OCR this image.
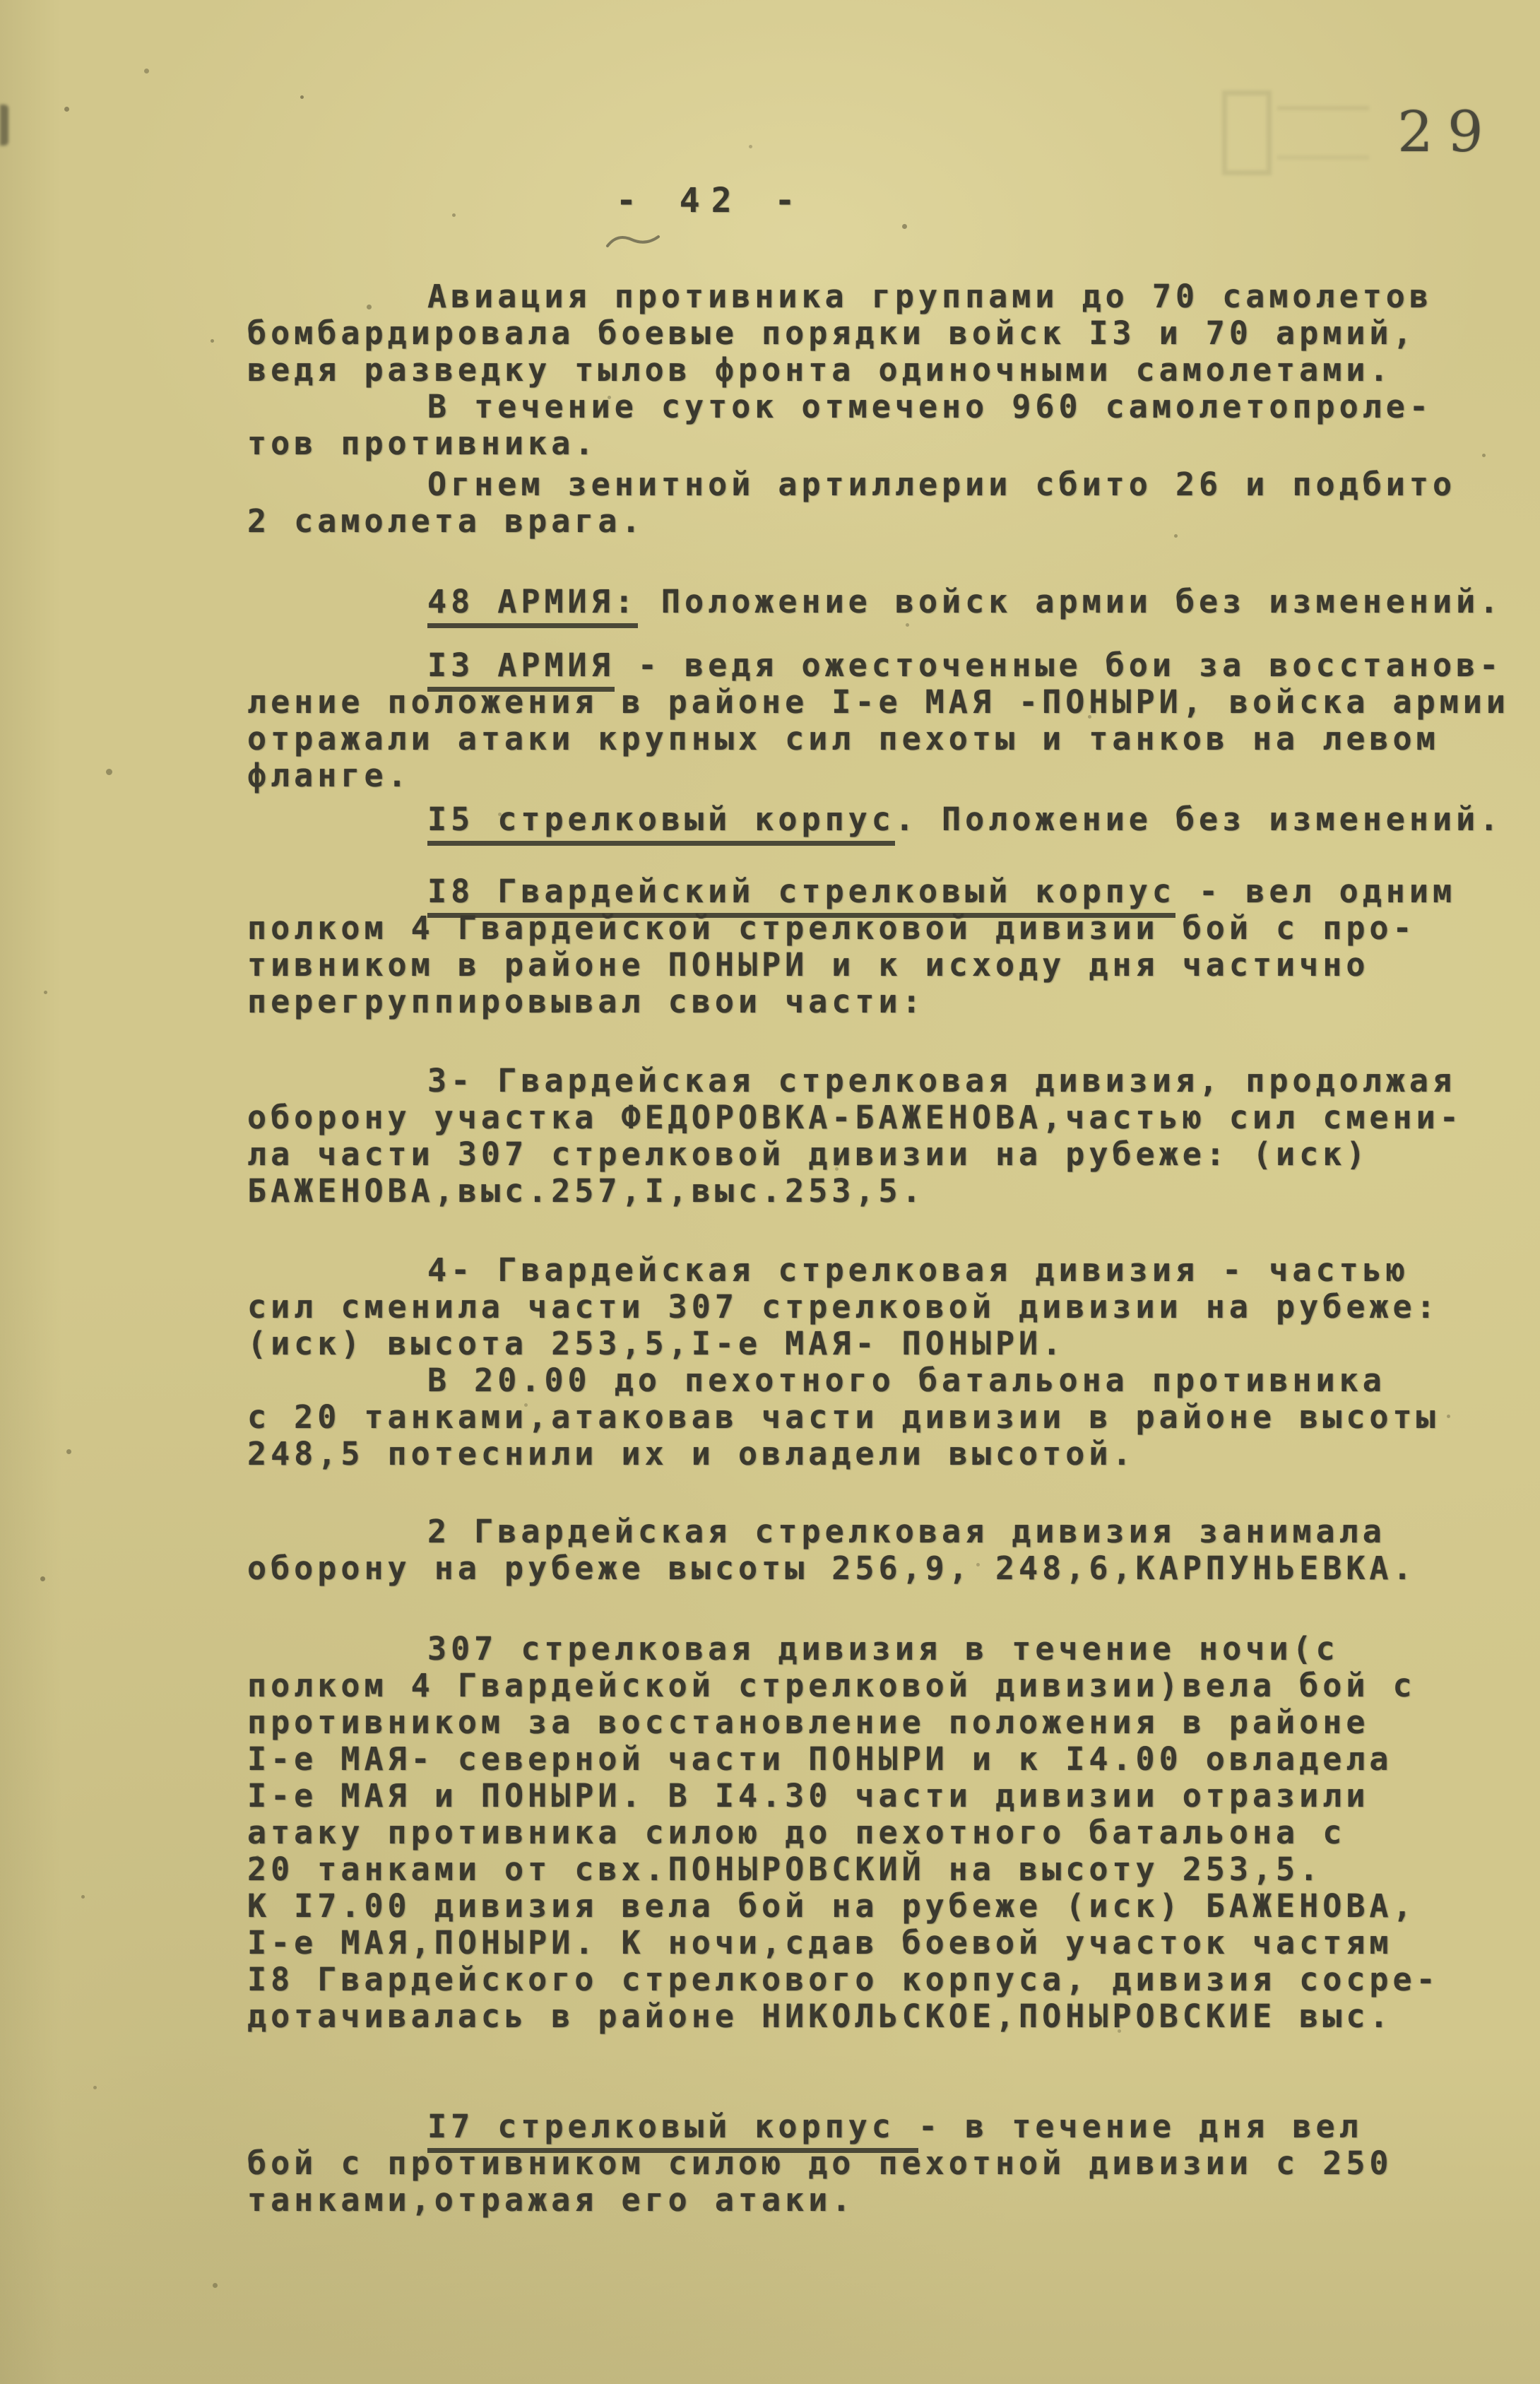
29
- 42 -

Авиация противника группами до 70 самолетов
бомбардировала боевые порядки войск I3 и 70 армий,
ведя разведку тылов фронта одиночными самолетами.

В течение суток отмечено 960 самолетопроле-
тов противника.

Огнем зенитной артиллерии сбито 26 и подбито
2 самолета врага.

48 АРМИЯ: Положение войск армии без изменений.

I3 АРМИЯ - ведя ожесточенные бои за восстанов-
ление положения в районе I-е МАЯ -ПОНЫРИ, войска армии
отражали атаки крупных сил пехоты и танков на левом
фланге.

I5 стрелковый корпус. Положение без изменений.

I8 Гвардейский стрелковый корпус - вел одним
полком 4 Гвардейской стрелковой дивизии бой с про-
тивником в районе ПОНЫРИ и к исходу дня частично
перегруппировывал свои части:

3- Гвардейская стрелковая дивизия, продолжая
оборону участка ФЕДОРОВКА-БАЖЕНОВА,частью сил смени-
ла части 307 стрелковой дивизии на рубеже: (иск)
БАЖЕНОВА,выс.257,I,выс.253,5.

4- Гвардейская стрелковая дивизия - частью
сил сменила части 307 стрелковой дивизии на рубеже:
(иск) высота 253,5,I-е МАЯ- ПОНЫРИ.

В 20.00 до пехотного батальона противника
с 20 танками,атаковав части дивизии в районе высоты
248,5 потеснили их и овладели высотой.

2 Гвардейская стрелковая дивизия занимала
оборону на рубеже высоты 256,9, 248,6,КАРПУНЬЕВКА.

307 стрелковая дивизия в течение ночи(с
полком 4 Гвардейской стрелковой дивизии)вела бой с
противником за восстановление положения в районе
I-е МАЯ- северной части ПОНЫРИ и к I4.00 овладела
I-е МАЯ и ПОНЫРИ. В I4.30 части дивизии отразили
атаку противника силою до пехотного батальона с
20 танками от свх.ПОНЫРОВСКИЙ на высоту 253,5.
К I7.00 дивизия вела бой на рубеже (иск) БАЖЕНОВА,
I-е МАЯ,ПОНЫРИ. К ночи,сдав боевой участок частям
I8 Гвардейского стрелкового корпуса, дивизия сосре-
дотачивалась в районе НИКОЛЬСКОЕ,ПОНЫРОВСКИЕ выс.

I7 стрелковый корпус - в течение дня вел
бой с противником силою до пехотной дивизии с 250
танками,отражая его атаки.
